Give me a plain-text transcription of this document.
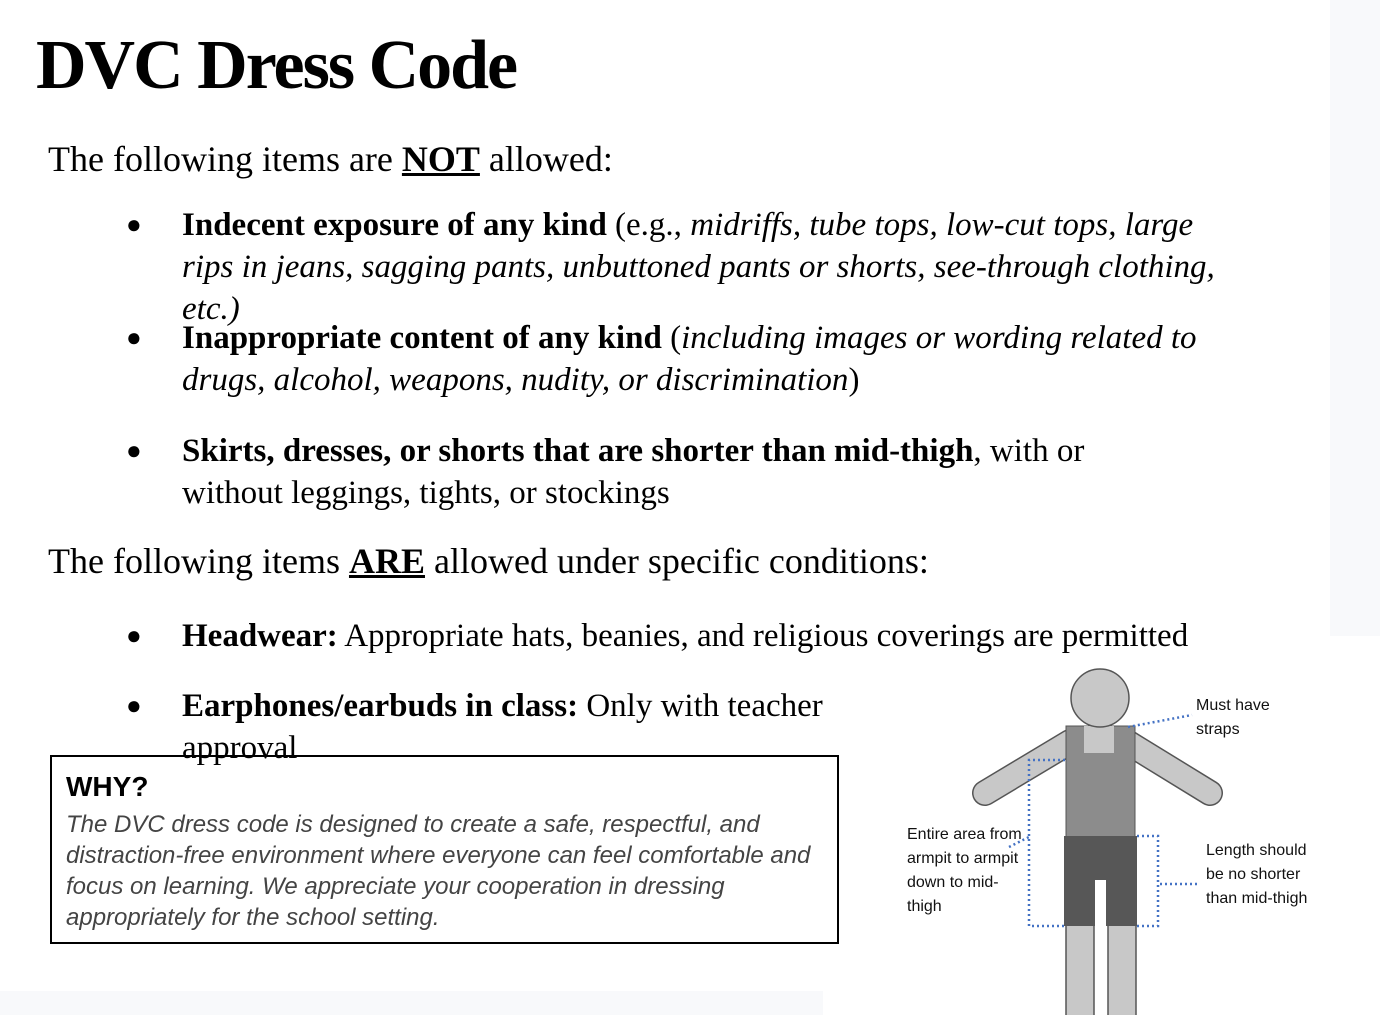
DVC Dress Code

The following items are NOT allowed:

● Indecent exposure of any kind (e.g., midriffs, tube tops, low-cut tops, large rips in jeans, sagging pants, unbuttoned pants or shorts, see-through clothing, etc.)
● Inappropriate content of any kind (including images or wording related to drugs, alcohol, weapons, nudity, or discrimination)
● Skirts, dresses, or shorts that are shorter than mid-thigh, with or without leggings, tights, or stockings

The following items ARE allowed under specific conditions:

● Headwear: Appropriate hats, beanies, and religious coverings are permitted
● Earphones/earbuds in class: Only with teacher approval
WHY?
The DVC dress code is designed to create a safe, respectful, and distraction-free environment where everyone can feel comfortable and focus on learning. We appreciate your cooperation in dressing appropriately for the school setting.
Must have straps
Entire area from armpit to armpit down to mid-thigh
Length should be no shorter than mid-thigh
